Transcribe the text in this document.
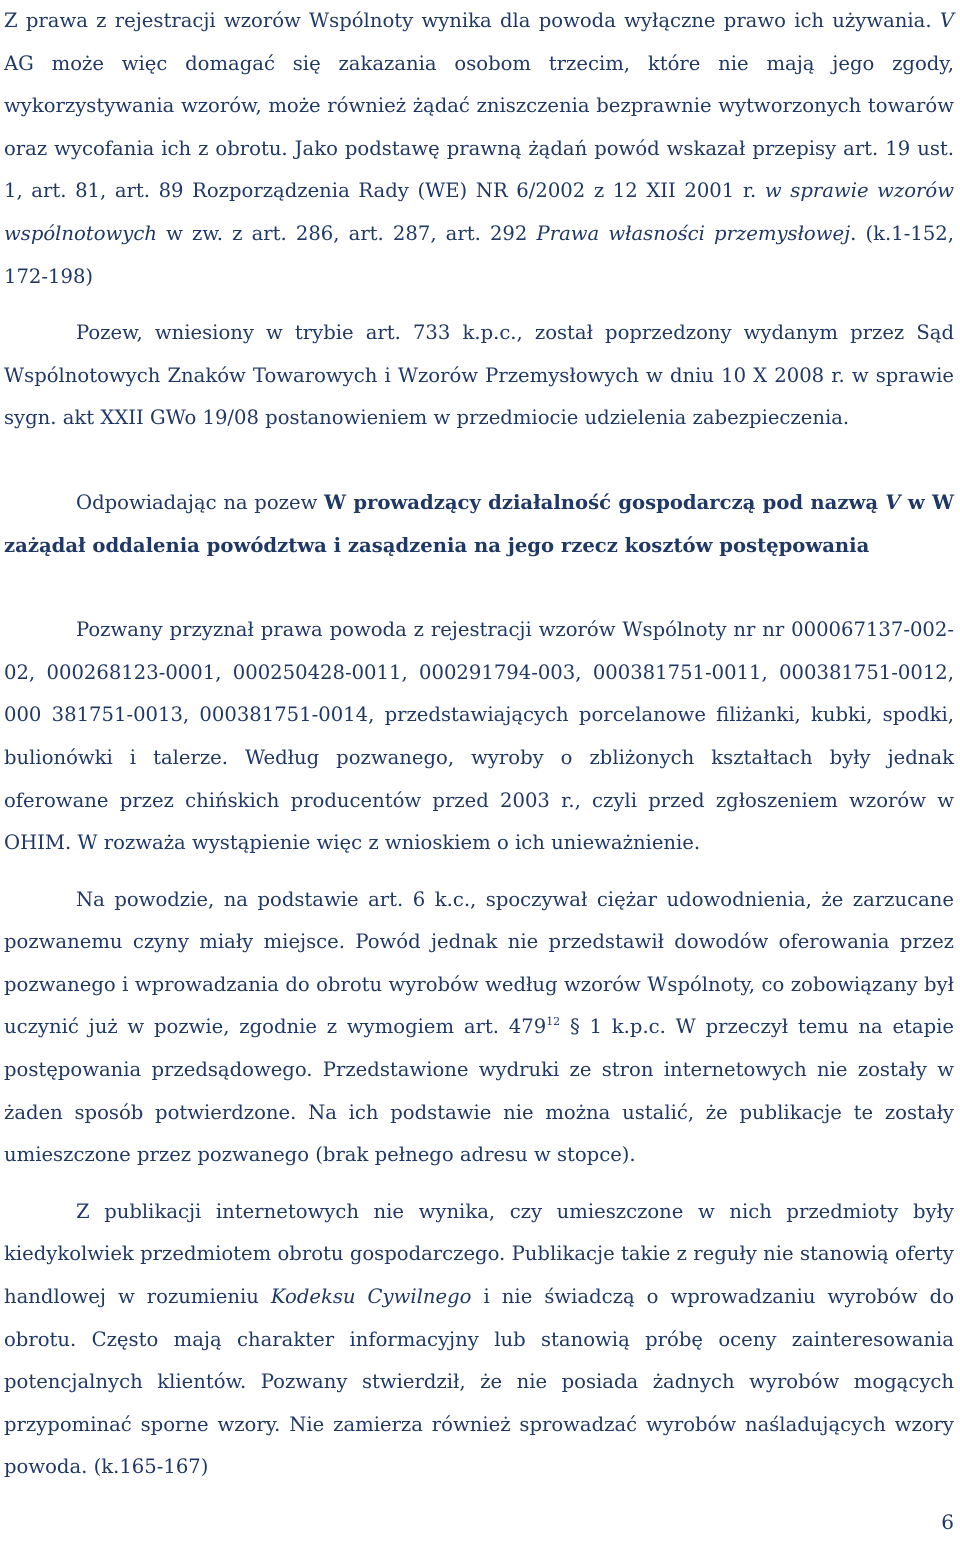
Z prawa z rejestracji wzorów Wspólnoty wynika dla powoda wyłączne prawo ich używania. V AG może więc domagać się zakazania osobom trzecim, które nie mają jego zgody, wykorzystywania wzorów, może również żądać zniszczenia bezprawnie wytworzonych towarów oraz wycofania ich z obrotu. Jako podstawę prawną żądań powód wskazał przepisy art. 19 ust. 1, art. 81, art. 89 Rozporządzenia Rady (WE) NR 6/2002 z 12 XII 2001 r. w sprawie wzorów wspólnotowych w zw. z art. 286, art. 287, art. 292 Prawa własności przemysłowej. (k.1-152, 172-198)

Pozew, wniesiony w trybie art. 733 k.p.c., został poprzedzony wydanym przez Sąd Wspólnotowych Znaków Towarowych i Wzorów Przemysłowych w dniu 10 X 2008 r. w sprawie sygn. akt XXII GWo 19/08 postanowieniem w przedmiocie udzielenia zabezpieczenia.

Odpowiadając na pozew W prowadzący działalność gospodarczą pod nazwą V w W zażądał oddalenia powództwa i zasądzenia na jego rzecz kosztów postępowania

Pozwany przyznał prawa powoda z rejestracji wzorów Wspólnoty nr nr 000067137-002-02, 000268123-0001, 000250428-0011, 000291794-003, 000381751-0011, 000381751-0012, 000 381751-0013, 000381751-0014, przedstawiających porcelanowe filiżanki, kubki, spodki, bulionówki i talerze. Według pozwanego, wyroby o zbliżonych kształtach były jednak oferowane przez chińskich producentów przed 2003 r., czyli przed zgłoszeniem wzorów w OHIM. W rozważa wystąpienie więc z wnioskiem o ich unieważnienie.

Na powodzie, na podstawie art. 6 k.c., spoczywał ciężar udowodnienia, że zarzucane pozwanemu czyny miały miejsce. Powód jednak nie przedstawił dowodów oferowania przez pozwanego i wprowadzania do obrotu wyrobów według wzorów Wspólnoty, co zobowiązany był uczynić już w pozwie, zgodnie z wymogiem art. $479^{12}$ § 1 k.p.c. W przeczył temu na etapie postępowania przedsądowego. Przedstawione wydruki ze stron internetowych nie zostały w żaden sposób potwierdzone. Na ich podstawie nie można ustalić, że publikacje te zostały umieszczone przez pozwanego (brak pełnego adresu w stopce).

Z publikacji internetowych nie wynika, czy umieszczone w nich przedmioty były kiedykolwiek przedmiotem obrotu gospodarczego. Publikacje takie z reguły nie stanowią oferty handlowej w rozumieniu Kodeksu Cywilnego i nie świadczą o wprowadzaniu wyrobów do obrotu. Często mają charakter informacyjny lub stanowią próbę oceny zainteresowania potencjalnych klientów. Pozwany stwierdził, że nie posiada żadnych wyrobów mogących przypominać sporne wzory. Nie zamierza również sprowadzać wyrobów naśladujących wzory powoda. (k.165-167)

6
